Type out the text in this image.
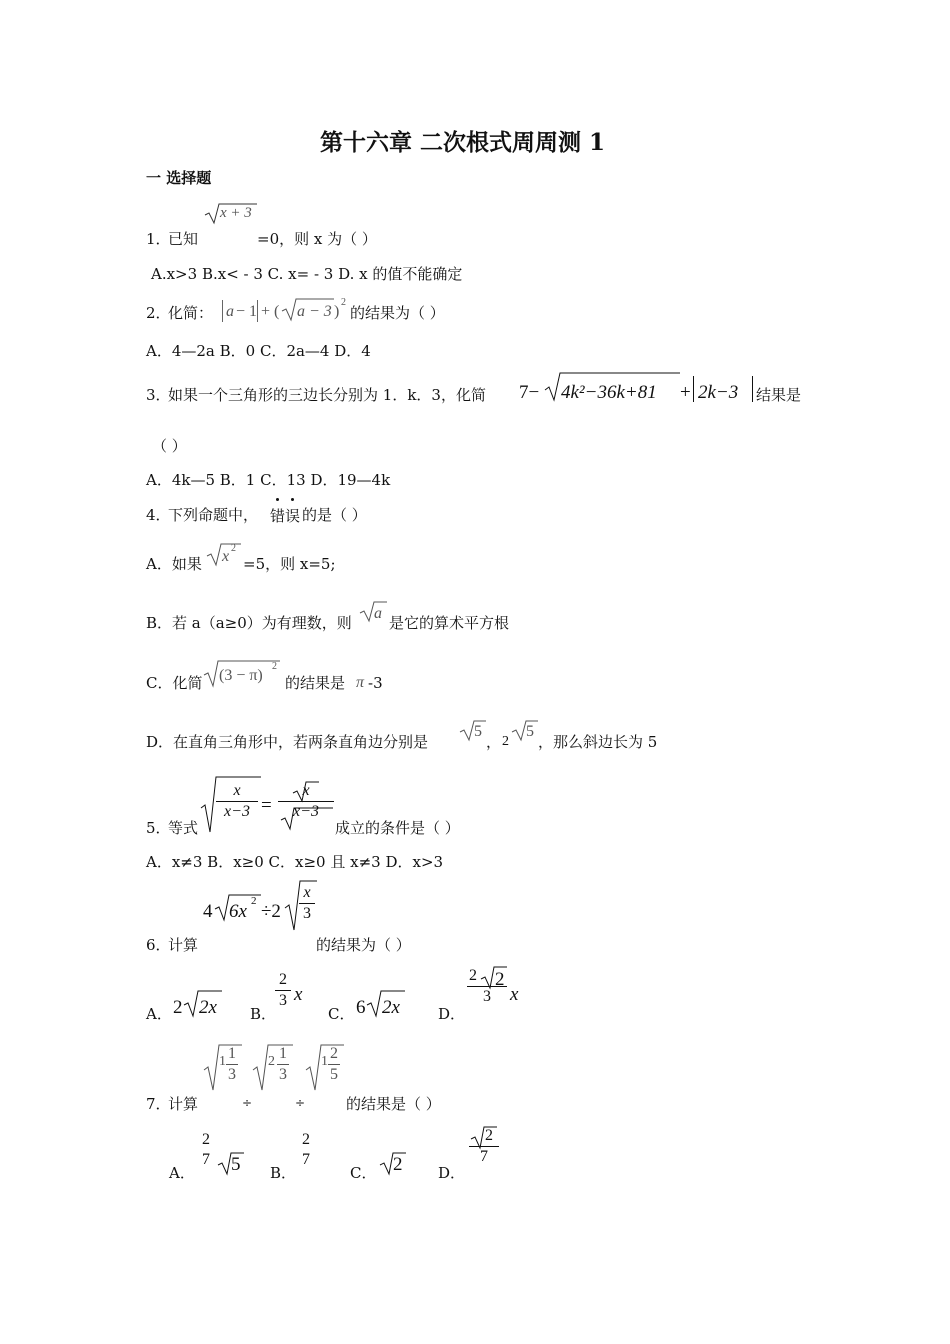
第十六章 二次根式周周测 1
一 选择题
x + 3
1．
已知	=0，则 x 为（ ）
A.x>3 B.x< - 3 C. x= - 3 D. x 的值不能确定
2．
化简： a − 1 + ( a − 3 )
2
的结果为（ ）
A．4—2a B．0 C．2a—4 D．4
3．
如果一个三角形的三边长分别为 1．k．3，化简 7− 4k²−36k+81 + 2k−3 结果是
（ ）
A．4k—5 B．1 C．13 D．19—4k
4．
下列命题中， 错误 的是（ ）
A．如果 x 2
=5，则 x=5;
B．若 a（a≥0）为有理数，则
a
是它的算术平方根
C．化简 (3 − π)
2
的结果是 π -3
D．在直角三角形中，若两条直角边分别是
5
， 2
5
，那么斜边长为 5
5．
等式
x
x−3 =
x
x−3
成立的条件是（ ）
A．x≠3 B．x≥0 C．x≥0 且 x≠3 D．x>3
4 6x 2 ÷2
x
3
6．
计算	的结果为（ ）
A． 2 2x B．
2
3 x
C． 6 2x	D．
2
3
2
x
1 1
3
2 1
3
1 2
5
7．
计算	÷	÷	的结果是（ ）
A．
2
7 5 B．
2
7
C． 2 D．
2
7
